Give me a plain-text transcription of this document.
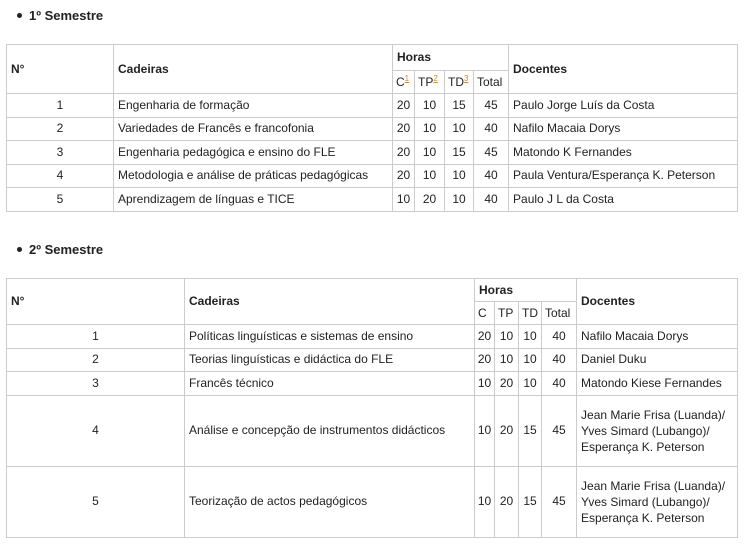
1º Semestre
N°	Cadeiras	Horas				Docentes
		C$^1$	TP$^2$	TD$^3$	Total	
1	Engenharia de formação	20	10	15	45	Paulo Jorge Luís da Costa
2	Variedades de Francês e francofonia	20	10	10	40	Nafilo Macaia Dorys
3	Engenharia pedagógica e ensino do FLE	20	10	15	45	Matondo K Fernandes
4	Metodologia e análise de práticas pedagógicas	20	10	10	40	Paula Ventura/Esperança K. Peterson
5	Aprendizagem de línguas e TICE	10	20	10	40	Paulo J L da Costa
2º Semestre
N°	Cadeiras	Horas				Docentes
		C	TP	TD	Total	
1	Políticas linguísticas e sistemas de ensino	20	10	10	40	Nafilo Macaia Dorys
2	Teorias linguísticas e didáctica do FLE	20	10	10	40	Daniel Duku
3	Francês técnico	10	20	10	40	Matondo Kiese Fernandes
4	Análise e concepção de instrumentos didácticos	10	20	15	45	Jean Marie Frisa (Luanda)/ Yves Simard (Lubango)/ Esperança K. Peterson
5	Teorização de actos pedagógicos	10	20	15	45	Jean Marie Frisa (Luanda)/ Yves Simard (Lubango)/ Esperança K. Peterson
